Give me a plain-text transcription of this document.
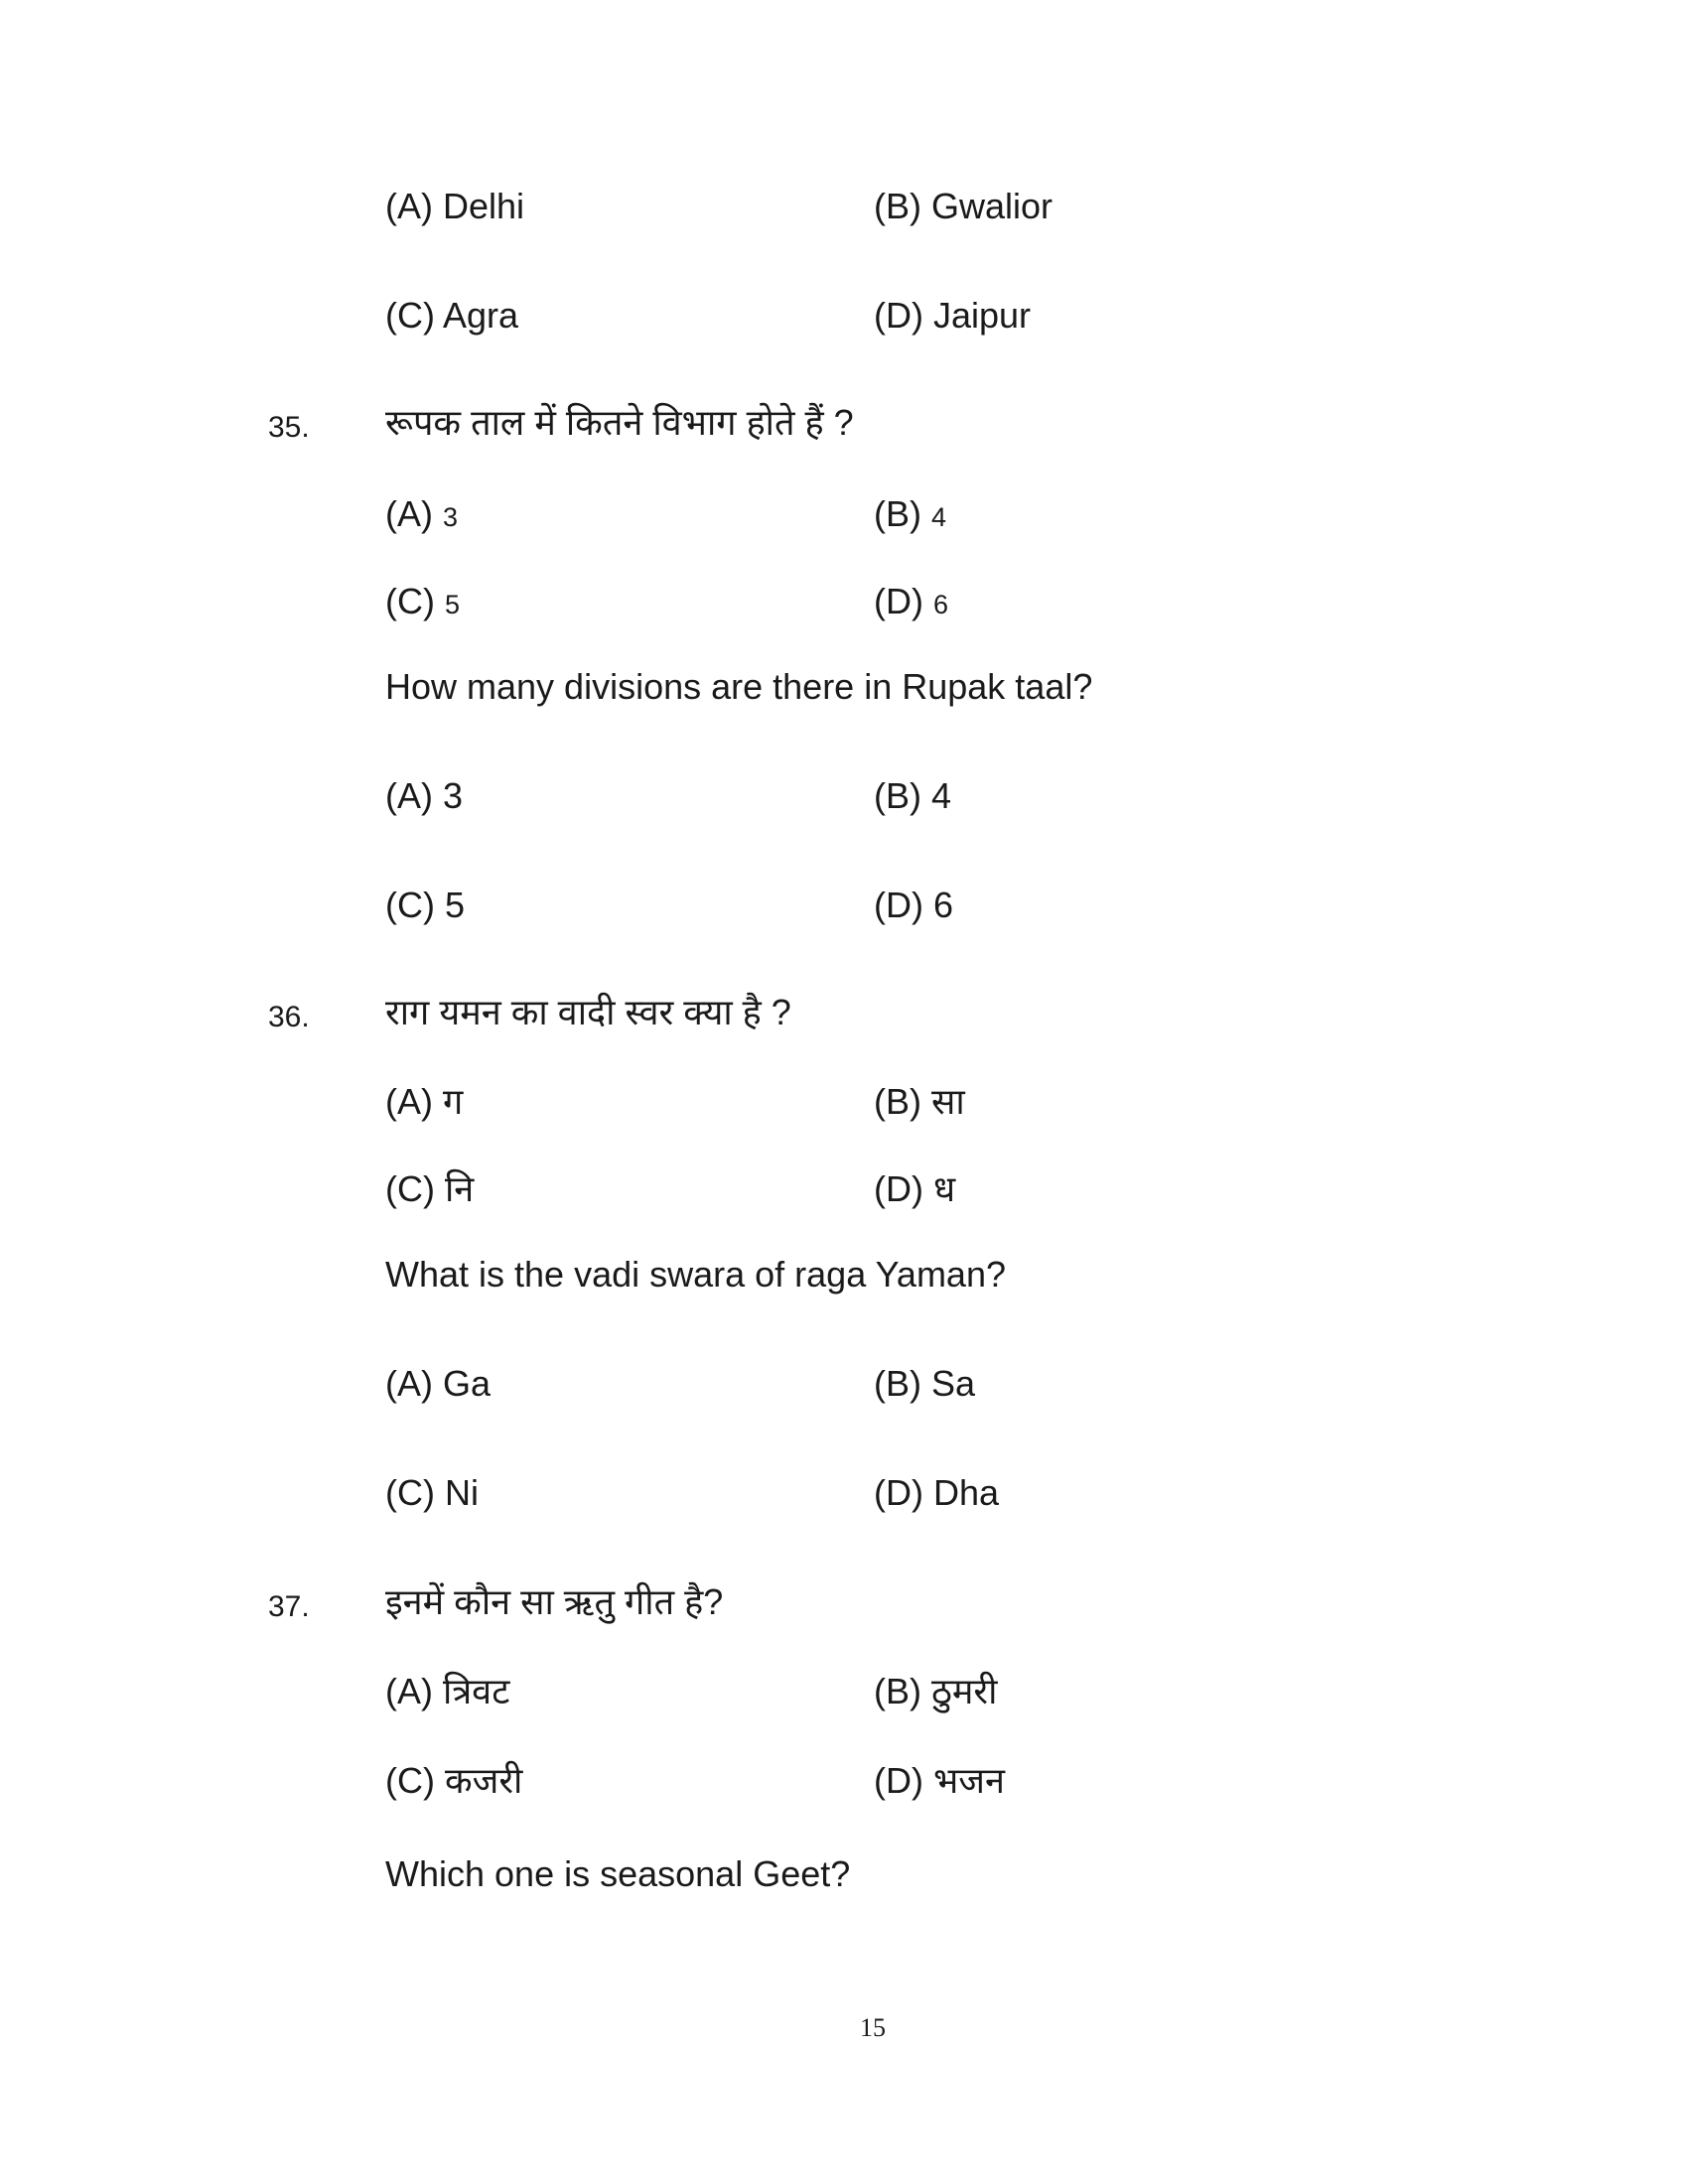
(A) Delhi	(B) Gwalior
(C) Agra	(D) Jaipur
35. रूपक ताल में कितने विभाग होते हैं ?
(A) 3	(B) 4
(C) 5	(D) 6
How many divisions are there in Rupak taal?
(A) 3	(B) 4
(C) 5	(D) 6
36. राग यमन का वादी स्वर क्या है ?
(A) ग	(B) सा
(C) नि	(D) ध
What is the vadi swara of raga Yaman?
(A) Ga	(B) Sa
(C) Ni	(D) Dha
37. इनमें कौन सा ऋतु गीत है?
(A) त्रिवट	(B) ठुमरी
(C) कजरी	(D) भजन
Which one is seasonal Geet?
15
